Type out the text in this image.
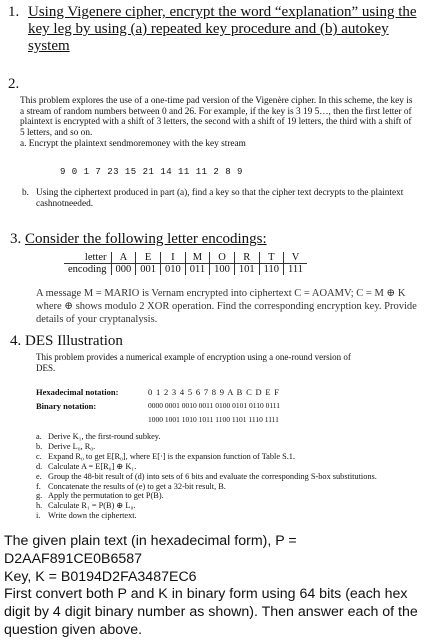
1. Using Vigenere cipher, encrypt the word “explanation” using the key leg by using (a) repeated key procedure and (b) autokey system
2.
This problem explores the use of a one-time pad version of the Vigenère cipher. In this scheme, the key is a stream of random numbers between 0 and 26. For example, if the key is 3 19 5…, then the first letter of plaintext is encrypted with a shift of 3 letters, the second with a shift of 19 letters, the third with a shift of 5 letters, and so on.
a. Encrypt the plaintext sendmoremoney with the key stream
9 0 1 7 23 15 21 14 11 11 2 8 9
b. Using the ciphertext produced in part (a), find a key so that the cipher text decrypts to the plaintext cashnotneeded.
3. Consider the following letter encodings:
letter	A	E	I	M	O	R	T	V
encoding	000	001	010	011	100	101	110	111
A message M = MARIO is Vernam encrypted into ciphertext C = AOAMV; C = M ⊕ K where ⊕ shows modulo 2 XOR operation. Find the corresponding encryption key. Provide details of your cryptanalysis.
4. DES Illustration
This problem provides a numerical example of encryption using a one-round version of DES.
Hexadecimal notation:	0 1 2 3 4 5 6 7 8 9 A B C D E F
Binary notation:	0000 0001 0010 0011 0100 0101 0110 0111
1000 1001 1010 1011 1100 1101 1110 1111
a. Derive K₁, the first-round subkey.
b. Derive L₀, R₀.
c. Expand R₀ to get E[R₀], where E[·] is the expansion function of Table S.1.
d. Calculate A = E[R₀] ⊕ K₁.
e. Group the 48-bit result of (d) into sets of 6 bits and evaluate the corresponding S-box substitutions.
f. Concatenate the results of (e) to get a 32-bit result, B.
g. Apply the permutation to get P(B).
h. Calculate R₁ = P(B) ⊕ L₀.
i. Write down the ciphertext.
The given plain text (in hexadecimal form), P = D2AAF891CE0B6587
Key, K = B0194D2FA3487EC6
First convert both P and K in binary form using 64 bits (each hex digit by 4 digit binary number as shown). Then answer each of the question given above.
